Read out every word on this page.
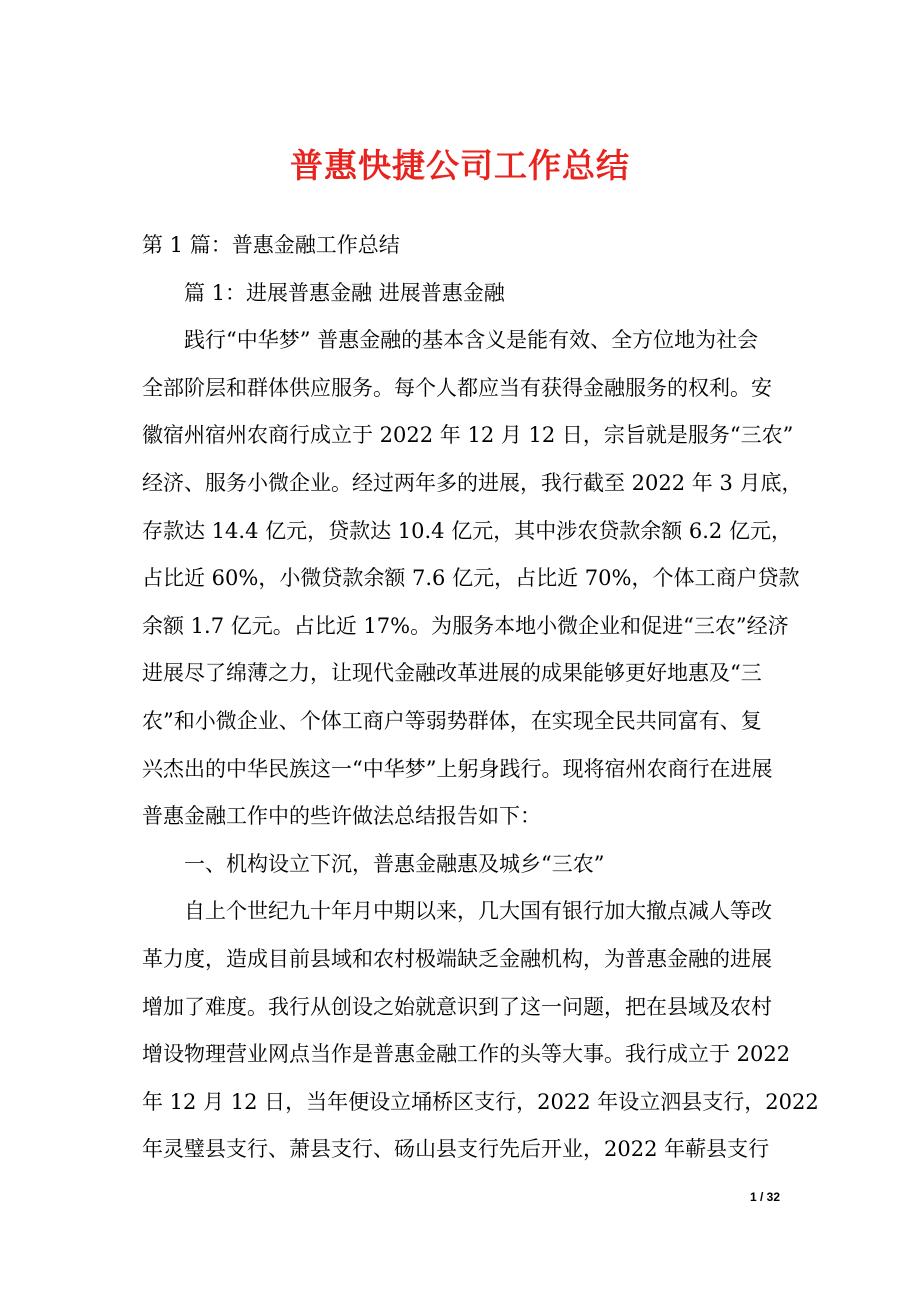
普惠快捷公司工作总结
第 1 篇：普惠金融工作总结
篇 1：进展普惠金融 进展普惠金融
践行“中华梦” 普惠金融的基本含义是能有效、全方位地为社会
全部阶层和群体供应服务。每个人都应当有获得金融服务的权利。安
徽宿州宿州农商行成立于 2022 年 12 月 12 日，宗旨就是服务“三农”
经济、服务小微企业。经过两年多的进展，我行截至 2022 年 3 月底，
存款达 14.4 亿元，贷款达 10.4 亿元，其中涉农贷款余额 6.2 亿元，
占比近 60%，小微贷款余额 7.6 亿元，占比近 70%，个体工商户贷款
余额 1.7 亿元。占比近 17%。为服务本地小微企业和促进“三农”经济
进展尽了绵薄之力，让现代金融改革进展的成果能够更好地惠及“三
农”和小微企业、个体工商户等弱势群体，在实现全民共同富有、复
兴杰出的中华民族这一“中华梦”上躬身践行。现将宿州农商行在进展
普惠金融工作中的些许做法总结报告如下：
一、机构设立下沉，普惠金融惠及城乡“三农”
自上个世纪九十年月中期以来，几大国有银行加大撤点减人等改
革力度，造成目前县域和农村极端缺乏金融机构，为普惠金融的进展
增加了难度。我行从创设之始就意识到了这一问题，把在县域及农村
增设物理营业网点当作是普惠金融工作的头等大事。我行成立于 2022
年 12 月 12 日，当年便设立埇桥区支行，2022 年设立泗县支行，2022
年灵璧县支行、萧县支行、砀山县支行先后开业，2022 年蕲县支行
1 / 32
